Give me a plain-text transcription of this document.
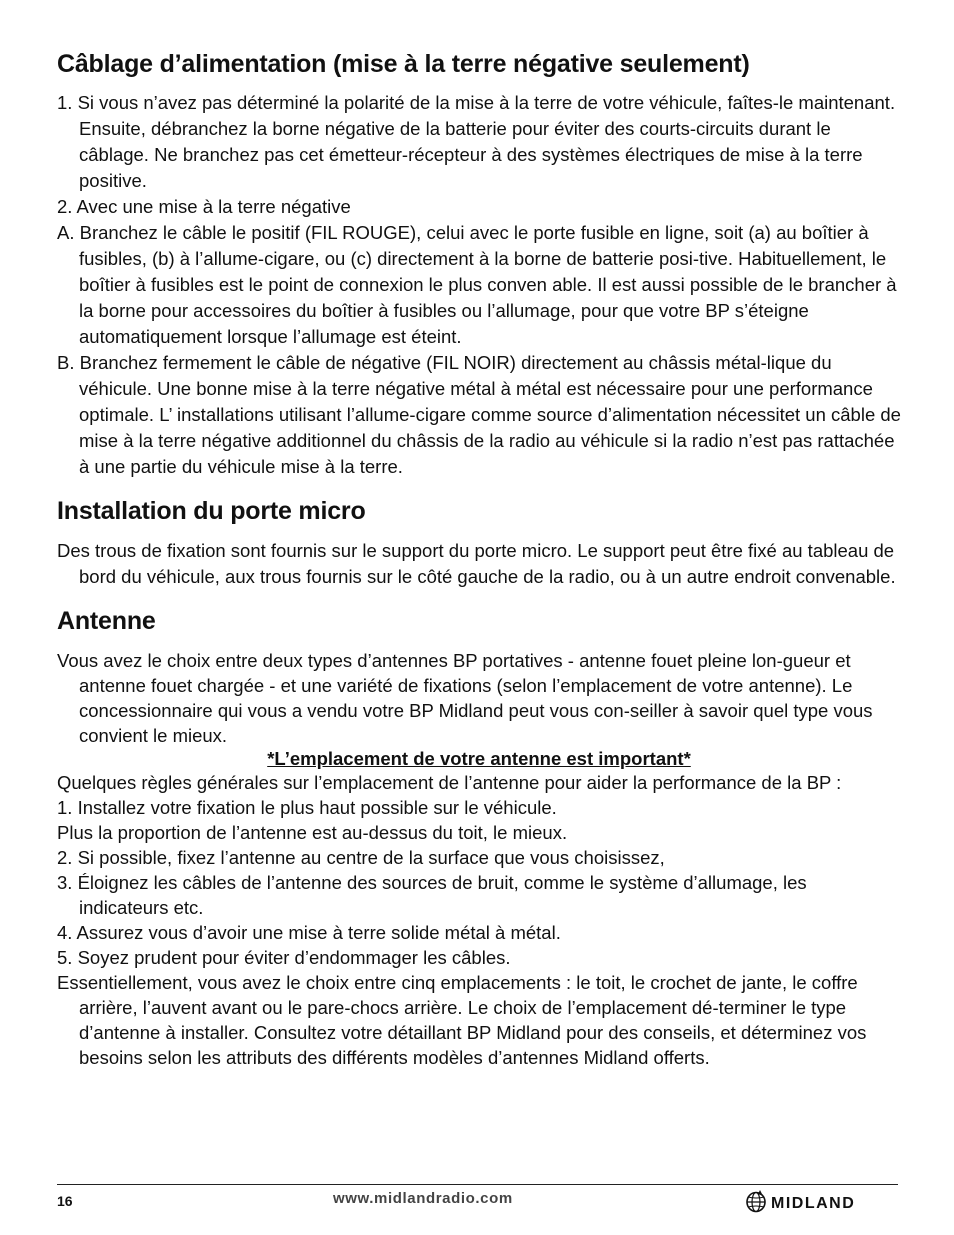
Câblage d’alimentation (mise à la terre négative seulement)

1. Si vous n’avez pas déterminé la polarité de la mise à la terre de votre véhicule, faîtes-le maintenant. Ensuite, débranchez la borne négative de la batterie pour éviter des courts-circuits durant le câblage. Ne branchez pas cet émetteur-récepteur à des systèmes électriques de mise à la terre positive.

2. Avec une mise à la terre négative

A. Branchez le câble le positif (FIL ROUGE), celui avec le porte fusible en ligne, soit (a) au boîtier à fusibles, (b) à l’allume-cigare, ou (c) directement à la borne de batterie posi-tive. Habituellement, le boîtier à fusibles est le point de connexion le plus conven able. Il est aussi possible de le brancher à la borne pour accessoires du boîtier à fusibles ou l’allumage, pour que votre BP s’éteigne automatiquement lorsque l’allumage est éteint.

B. Branchez fermement le câble de négative (FIL NOIR) directement au châssis métal-lique du véhicule. Une bonne mise à la terre négative métal à métal est nécessaire pour une performance optimale. L’ installations utilisant l’allume-cigare comme source d’alimentation nécessitet un câble de mise à la terre négative additionnel du châssis de la radio au véhicule si la radio n’est pas rattachée à une partie du véhicule mise à la terre.

Installation du porte micro

Des trous de fixation sont fournis sur le support du porte micro. Le support peut être fixé au tableau de bord du véhicule, aux trous fournis sur le côté gauche de la radio, ou à un autre endroit convenable.

Antenne

Vous avez le choix entre deux types d’antennes BP portatives - antenne fouet pleine lon-gueur et antenne fouet chargée - et une variété de fixations (selon l’emplacement de votre antenne). Le concessionnaire qui vous a vendu votre BP Midland peut vous con-seiller à savoir quel type vous convient le mieux.

*L’emplacement de votre antenne est important*

Quelques règles générales sur l’emplacement de l’antenne pour aider la performance de la BP :

1. Installez votre fixation le plus haut possible sur le véhicule.

Plus la proportion de l’antenne est au-dessus du toit, le mieux.

2. Si possible, fixez l’antenne au centre de la surface que vous choisissez,

3. Éloignez les câbles de l’antenne des sources de bruit, comme le système d’allumage, les indicateurs etc.

4. Assurez vous d’avoir une mise à terre solide métal à métal.

5. Soyez prudent pour éviter d’endommager les câbles.

Essentiellement, vous avez le choix entre cinq emplacements : le toit, le crochet de jante, le coffre arrière, l’auvent avant ou le pare-chocs arrière. Le choix de l’emplacement dé-terminer le type d’antenne à installer. Consultez votre détaillant BP Midland pour des conseils, et déterminez vos besoins selon les attributs des différents modèles d’antennes Midland offerts.

16	www.midlandradio.com	MIDLAND
